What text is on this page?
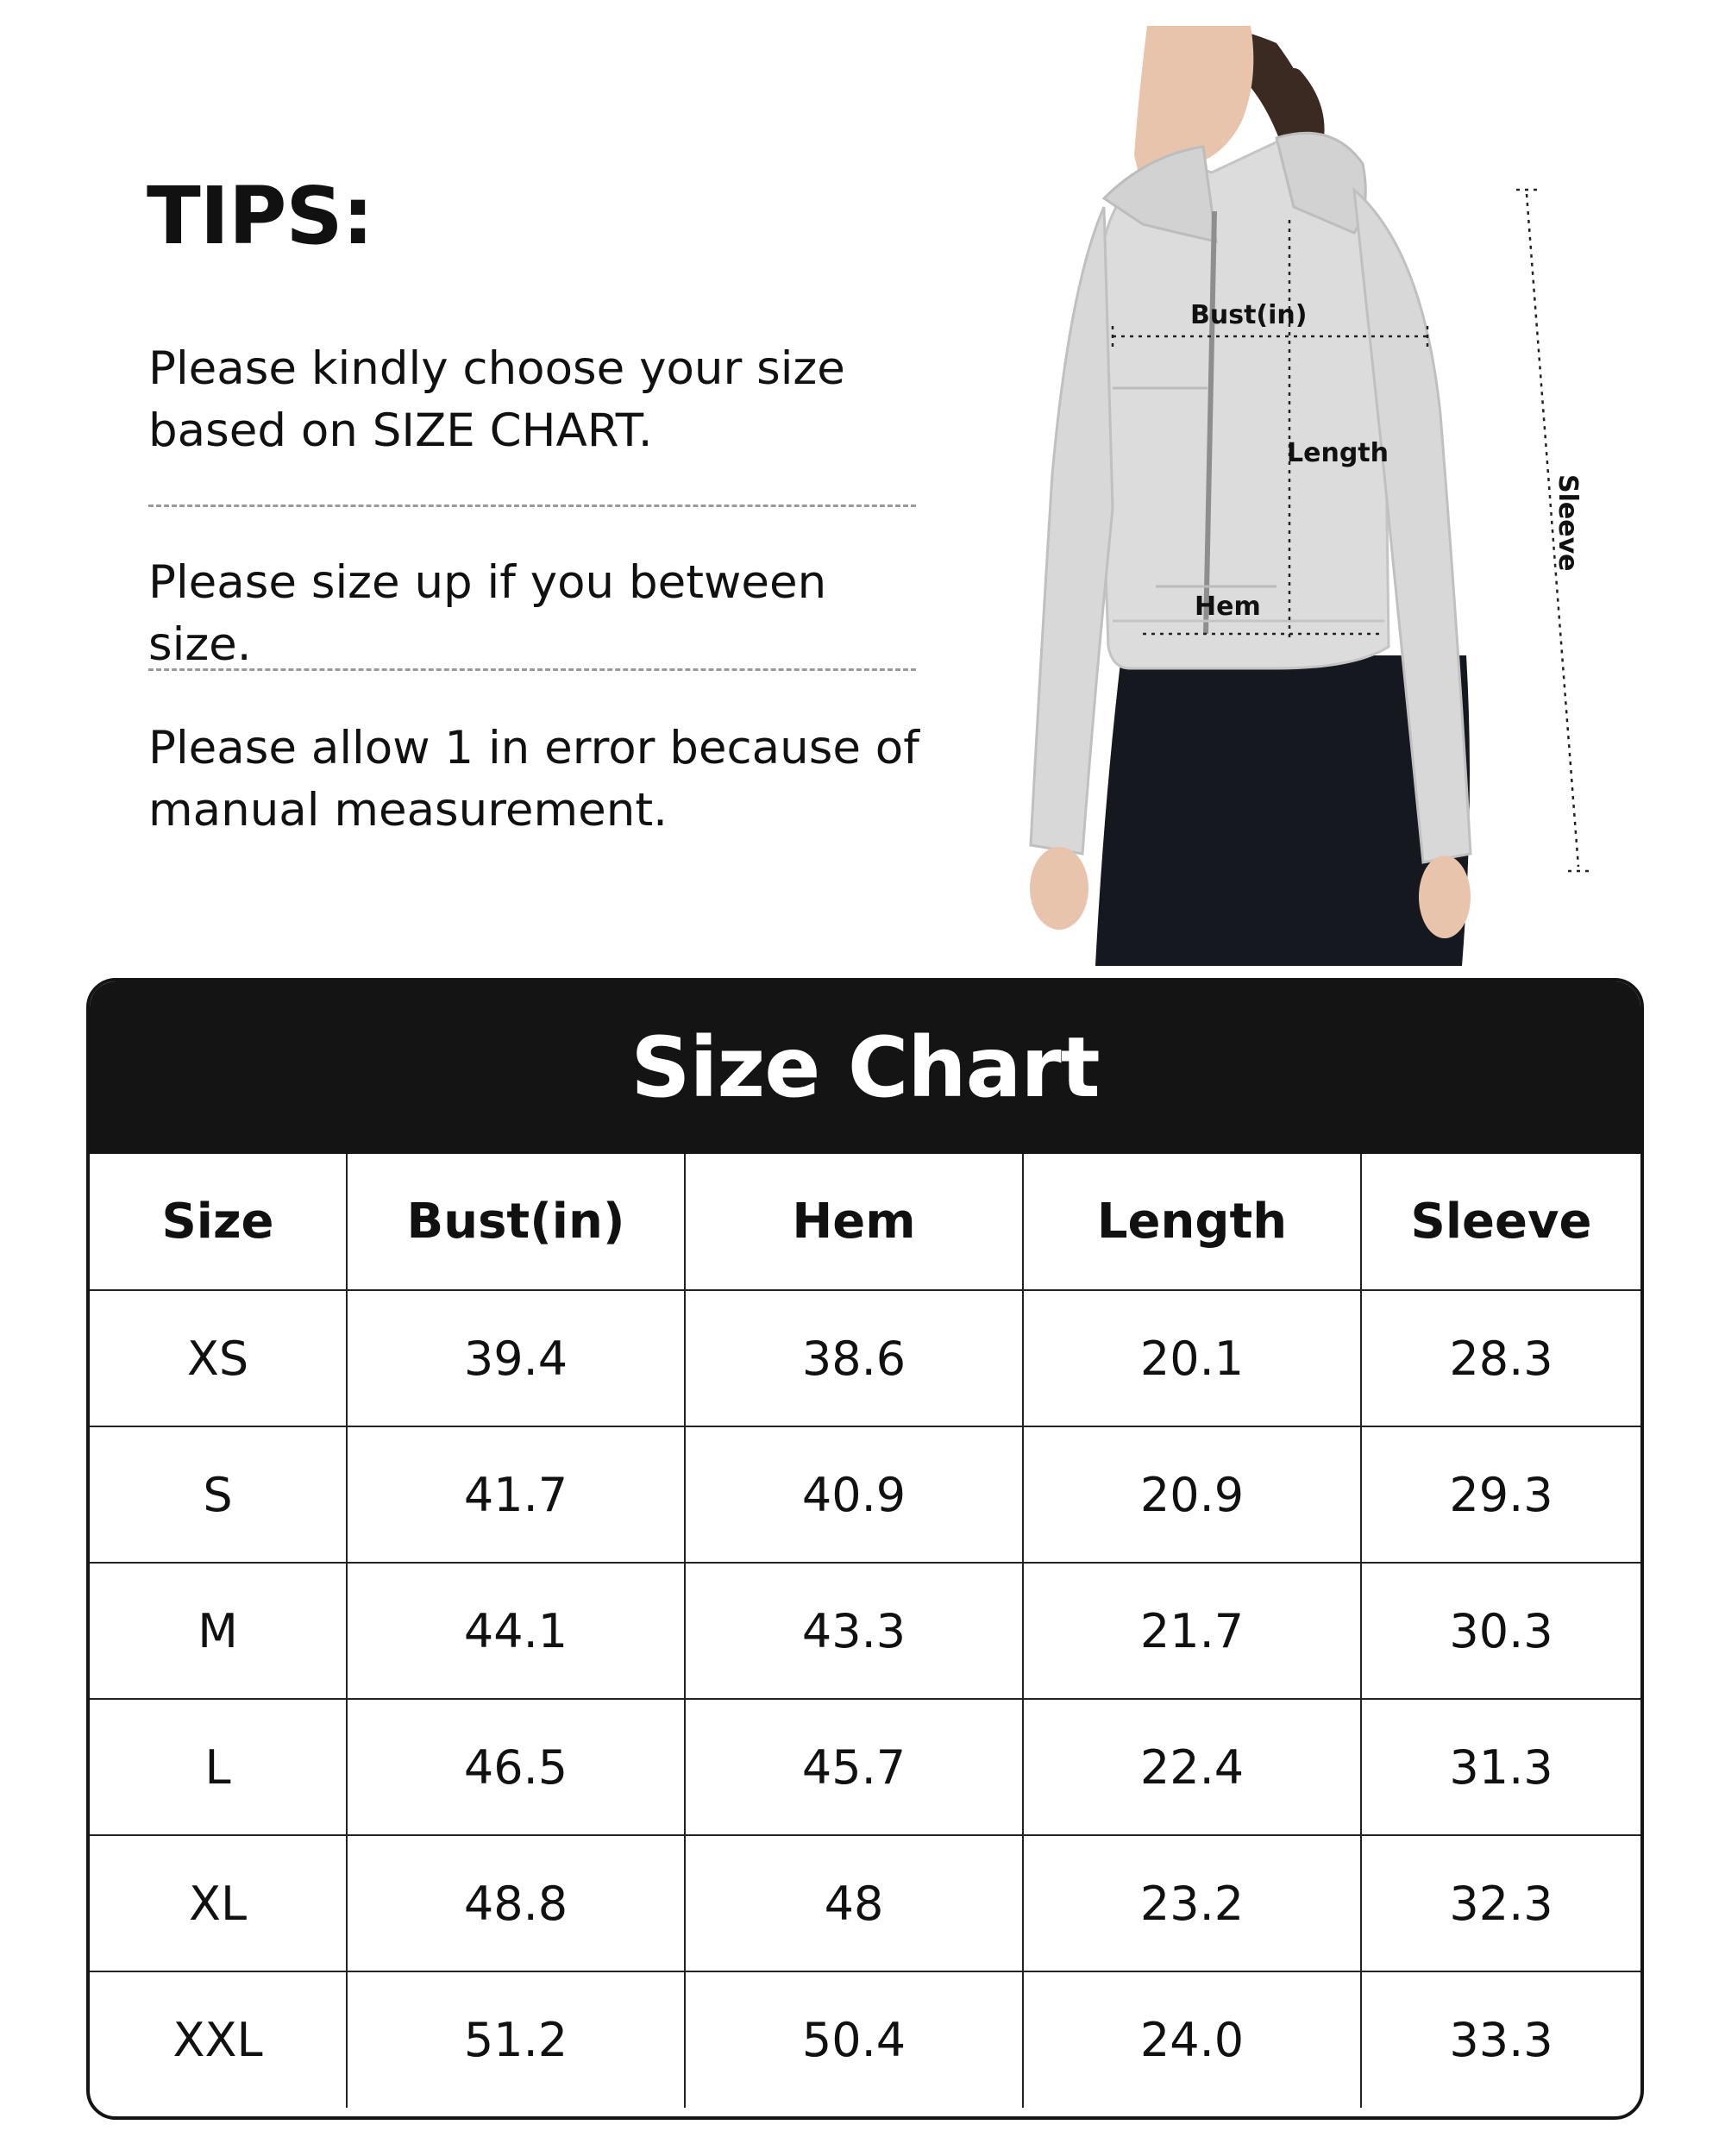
TIPS:
Please kindly choose your size based on SIZE CHART.
Please size up if you between size.
Please allow 1 in error because of manual measurement.
Bust(in)
Length
Hem
Sleeve
Size Chart
Size	Bust(in)	Hem	Length	Sleeve
XS	39.4	38.6	20.1	28.3
S	41.7	40.9	20.9	29.3
M	44.1	43.3	21.7	30.3
L	46.5	45.7	22.4	31.3
XL	48.8	48	23.2	32.3
XXL	51.2	50.4	24.0	33.3
